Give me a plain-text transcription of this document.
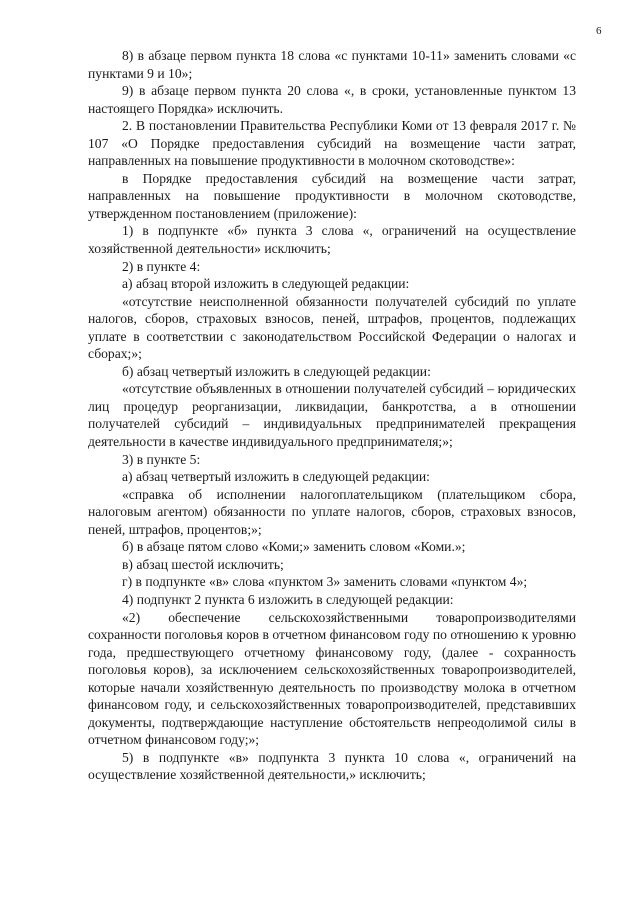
6

8) в абзаце первом пункта 18 слова «с пунктами 10-11» заменить словами «с пунктами 9 и 10»;

9) в абзаце первом пункта 20 слова «, в сроки, установленные пунктом 13 настоящего Порядка» исключить.

2. В постановлении Правительства Республики Коми от 13 февраля 2017 г. № 107 «О Порядке предоставления субсидий на возмещение части затрат, направленных на повышение продуктивности в молочном скотоводстве»:

в Порядке предоставления субсидий на возмещение части затрат, направленных на повышение продуктивности в молочном скотоводстве, утвержденном постановлением (приложение):

1) в подпункте «б» пункта 3 слова «, ограничений на осуществление хозяйственной деятельности» исключить;

2) в пункте 4:

а) абзац второй изложить в следующей редакции:

«отсутствие неисполненной обязанности получателей субсидий по уплате налогов, сборов, страховых взносов, пеней, штрафов, процентов, подлежащих уплате в соответствии с законодательством Российской Федерации о налогах и сборах;»;

б) абзац четвертый изложить в следующей редакции:

«отсутствие объявленных в отношении получателей субсидий – юридических лиц процедур реорганизации, ликвидации, банкротства, а в отношении получателей субсидий – индивидуальных предпринимателей прекращения деятельности в качестве индивидуального предпринимателя;»;

3) в пункте 5:

а) абзац четвертый изложить в следующей редакции:

«справка об исполнении налогоплательщиком (плательщиком сбора, налоговым агентом) обязанности по уплате налогов, сборов, страховых взносов, пеней, штрафов, процентов;»;

б) в абзаце пятом слово «Коми;» заменить словом «Коми.»;

в) абзац шестой исключить;

г) в подпункте «в» слова «пунктом 3» заменить словами «пунктом 4»;

4) подпункт 2 пункта 6 изложить в следующей редакции:

«2) обеспечение сельскохозяйственными товаропроизводителями сохранности поголовья коров в отчетном финансовом году по отношению к уровню года, предшествующего отчетному финансовому году, (далее - сохранность поголовья коров), за исключением сельскохозяйственных товаропроизводителей, которые начали хозяйственную деятельность по производству молока в отчетном финансовом году, и сельскохозяйственных товаропроизводителей, представивших документы, подтверждающие наступление обстоятельств непреодолимой силы в отчетном финансовом году;»;

5) в подпункте «в» подпункта 3 пункта 10 слова «, ограничений на осуществление хозяйственной деятельности,» исключить;
